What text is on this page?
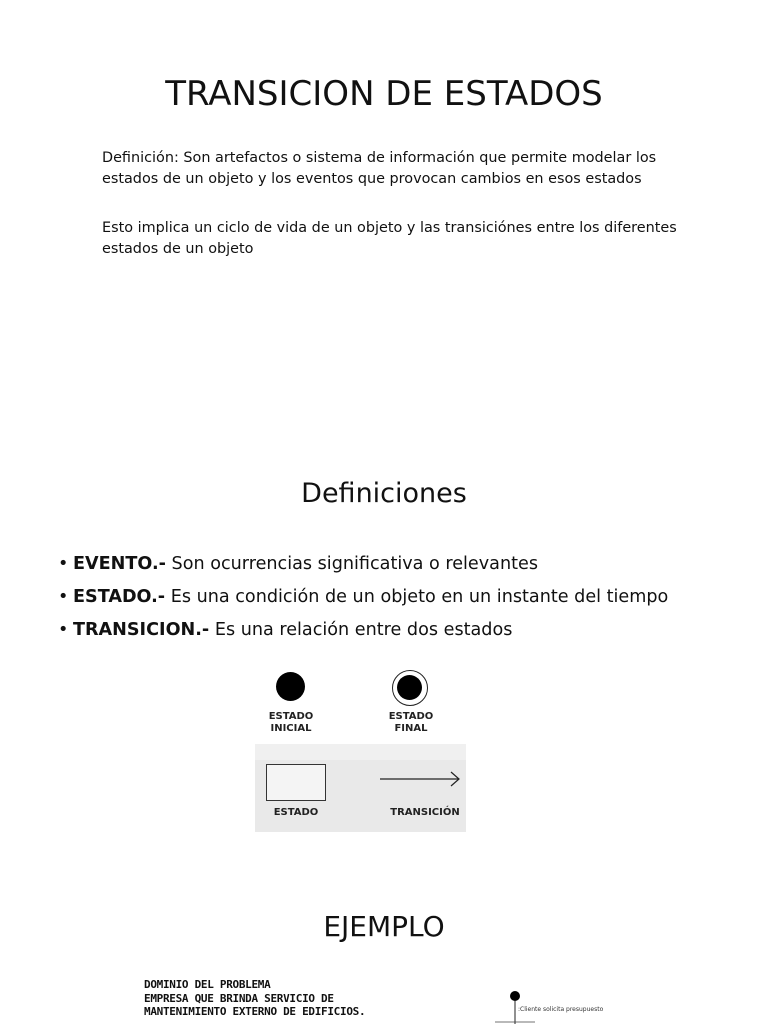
TRANSICION DE ESTADOS

Definición: Son artefactos o sistema de información que permite modelar los estados de un objeto y los eventos que provocan cambios en esos estados

Esto implica un ciclo de vida de un objeto y las transiciónes entre los diferentes estados de un objeto

Definiciones
• EVENTO.- Son ocurrencias significativa o relevantes
• ESTADO.- Es una condición de un objeto en un instante del tiempo
• TRANSICION.- Es una relación entre dos estados
ESTADO
INICIAL
ESTADO
FINAL
ESTADO	TRANSICIÓN
EJEMPLO
DOMINIO DEL PROBLEMA
EMPRESA QUE BRINDA SERVICIO DE
MANTENIMIENTO EXTERNO DE EDIFICIOS.	:Cliente solicita presupuesto
